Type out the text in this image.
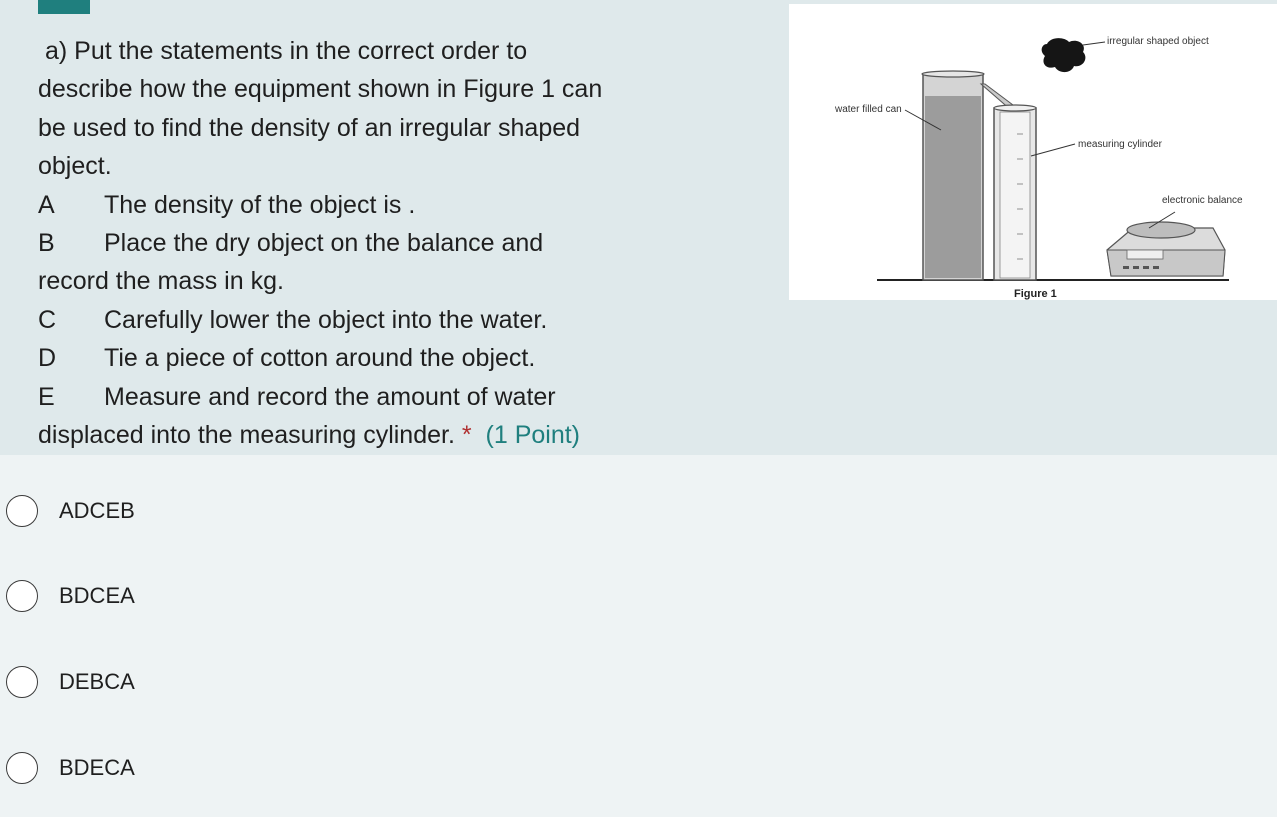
a) Put the statements in the correct order to
describe how the equipment shown in Figure 1 can
be used to find the density of an irregular shaped
object.
A The density of the object is .
B Place the dry object on the balance and
record the mass in kg.
C Carefully lower the object into the water.
D Tie a piece of cotton around the object.
E Measure and record the amount of water
displaced into the measuring cylinder. * (1 Point)
irregular shaped object
water filled can
measuring cylinder
electronic balance
Figure 1
ADCEB
BDCEA
DEBCA
BDECA
